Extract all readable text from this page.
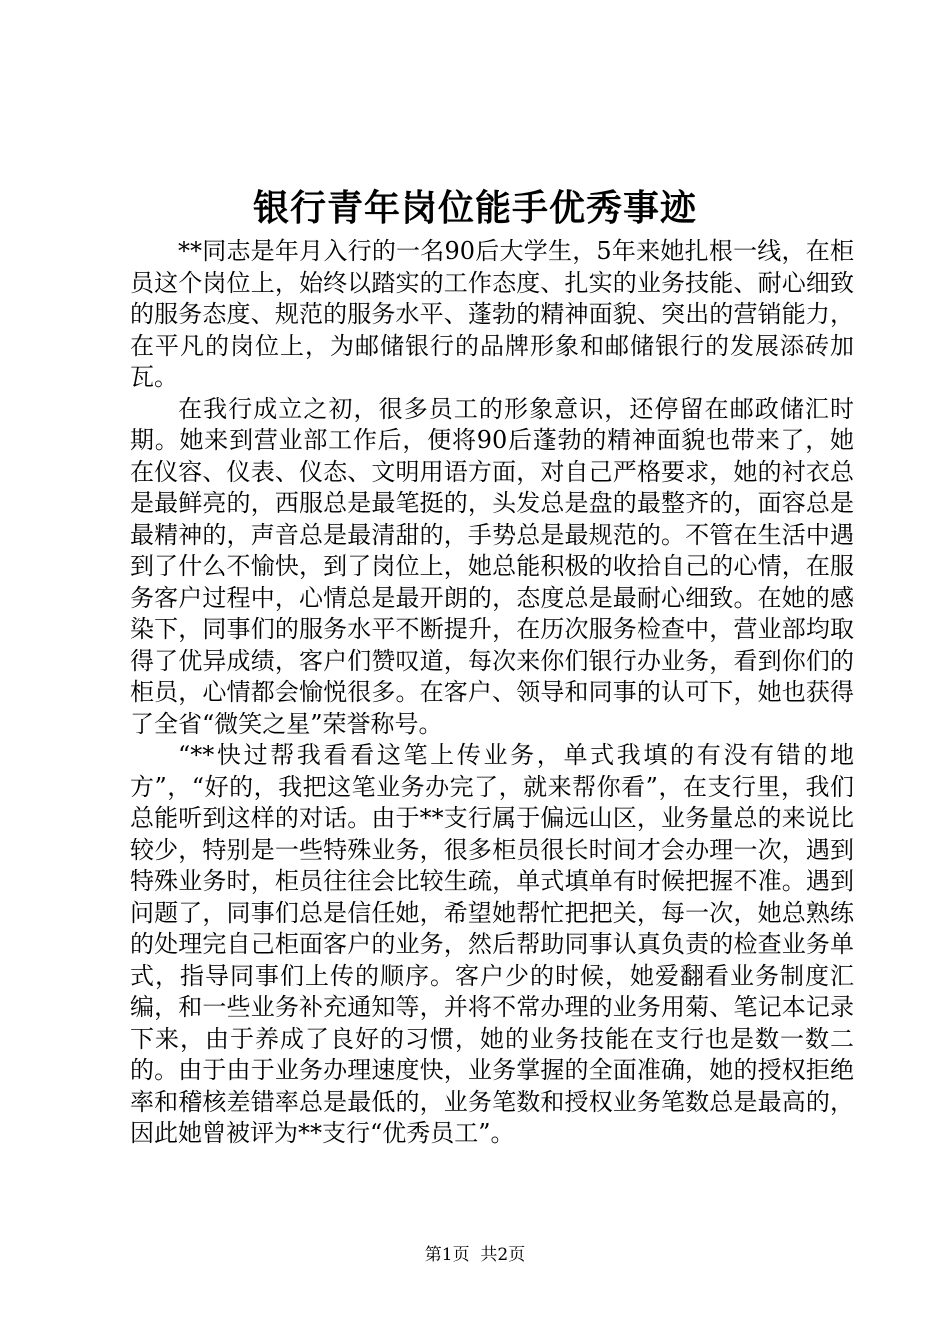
银行青年岗位能手优秀事迹

**同志是年月入行的一名90后大学生，5年来她扎根一线，在柜员这个岗位上，始终以踏实的工作态度、扎实的业务技能、耐心细致的服务态度、规范的服务水平、蓬勃的精神面貌、突出的营销能力，在平凡的岗位上，为邮储银行的品牌形象和邮储银行的发展添砖加瓦。

在我行成立之初，很多员工的形象意识，还停留在邮政储汇时期。她来到营业部工作后，便将90后蓬勃的精神面貌也带来了，她在仪容、仪表、仪态、文明用语方面，对自己严格要求，她的衬衣总是最鲜亮的，西服总是最笔挺的，头发总是盘的最整齐的，面容总是最精神的，声音总是最清甜的，手势总是最规范的。不管在生活中遇到了什么不愉快，到了岗位上，她总能积极的收拾自己的心情，在服务客户过程中，心情总是最开朗的，态度总是最耐心细致。在她的感染下，同事们的服务水平不断提升，在历次服务检查中，营业部均取得了优异成绩，客户们赞叹道，每次来你们银行办业务，看到你们的柜员，心情都会愉悦很多。在客户、领导和同事的认可下，她也获得了全省“微笑之星”荣誉称号。

“**快过帮我看看这笔上传业务，单式我填的有没有错的地方”，“好的，我把这笔业务办完了，就来帮你看”，在支行里，我们总能听到这样的对话。由于**支行属于偏远山区，业务量总的来说比较少，特别是一些特殊业务，很多柜员很长时间才会办理一次，遇到特殊业务时，柜员往往会比较生疏，单式填单有时候把握不准。遇到问题了，同事们总是信任她，希望她帮忙把把关，每一次，她总熟练的处理完自己柜面客户的业务，然后帮助同事认真负责的检查业务单式，指导同事们上传的顺序。客户少的时候，她爱翻看业务制度汇编，和一些业务补充通知等，并将不常办理的业务用菊、笔记本记录下来，由于养成了良好的习惯，她的业务技能在支行也是数一数二的。由于由于业务办理速度快，业务掌握的全面准确，她的授权拒绝率和稽核差错率总是最低的，业务笔数和授权业务笔数总是最高的，因此她曾被评为**支行“优秀员工”。

第1页 共2页
